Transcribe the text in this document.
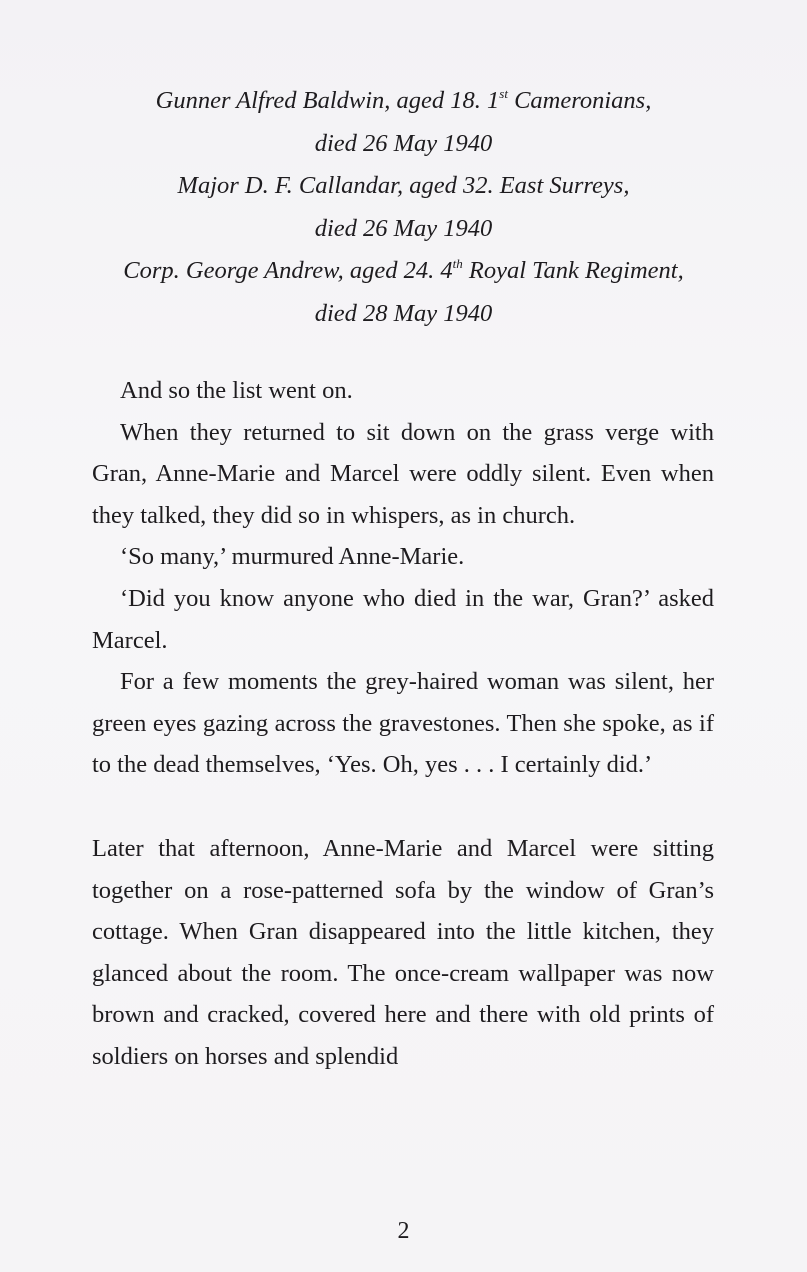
Gunner Alfred Baldwin, aged 18. 1st Cameronians,
died 26 May 1940
Major D. F. Callandar, aged 32. East Surreys,
died 26 May 1940
Corp. George Andrew, aged 24. 4th Royal Tank Regiment,
died 28 May 1940

And so the list went on.

When they returned to sit down on the grass verge with Gran, Anne-Marie and Marcel were oddly silent. Even when they talked, they did so in whispers, as in church.

‘So many,’ murmured Anne-Marie.

‘Did you know anyone who died in the war, Gran?’ asked Marcel.

For a few moments the grey-haired woman was silent, her green eyes gazing across the gravestones. Then she spoke, as if to the dead themselves, ‘Yes. Oh, yes . . . I certainly did.’

Later that afternoon, Anne-Marie and Marcel were sitting together on a rose-patterned sofa by the window of Gran’s cottage. When Gran disappeared into the little kitchen, they glanced about the room. The once-cream wallpaper was now brown and cracked, covered here and there with old prints of soldiers on horses and splendid

2
